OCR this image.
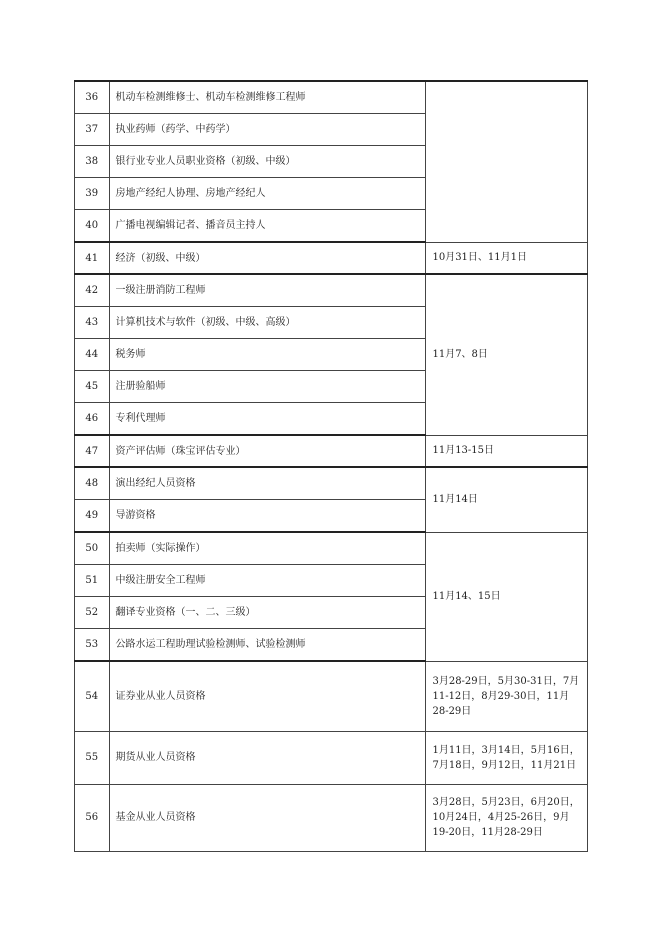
36	机动车检测维修士、机动车检测维修工程师	
37	执业药师（药学、中药学）	
38	银行业专业人员职业资格（初级、中级）	
39	房地产经纪人协理、房地产经纪人	
40	广播电视编辑记者、播音员主持人	
41	经济（初级、中级）	10月31日、11月1日
42	一级注册消防工程师	11月7、8日
43	计算机技术与软件（初级、中级、高级）	
44	税务师	
45	注册验船师	
46	专利代理师	
47	资产评估师（珠宝评估专业）	11月13-15日
48	演出经纪人员资格	11月14日
49	导游资格	
50	拍卖师（实际操作）	11月14、15日
51	中级注册安全工程师	
52	翻译专业资格（一、二、三级）	
53	公路水运工程助理试验检测师、试验检测师	
54	证券业从业人员资格	3月28-29日，5月30-31日，7月11-12日，8月29-30日，11月28-29日
55	期货从业人员资格	1月11日，3月14日，5月16日，7月18日，9月12日，11月21日
56	基金从业人员资格	3月28日，5月23日，6月20日，10月24日，4月25-26日，9月19-20日，11月28-29日
